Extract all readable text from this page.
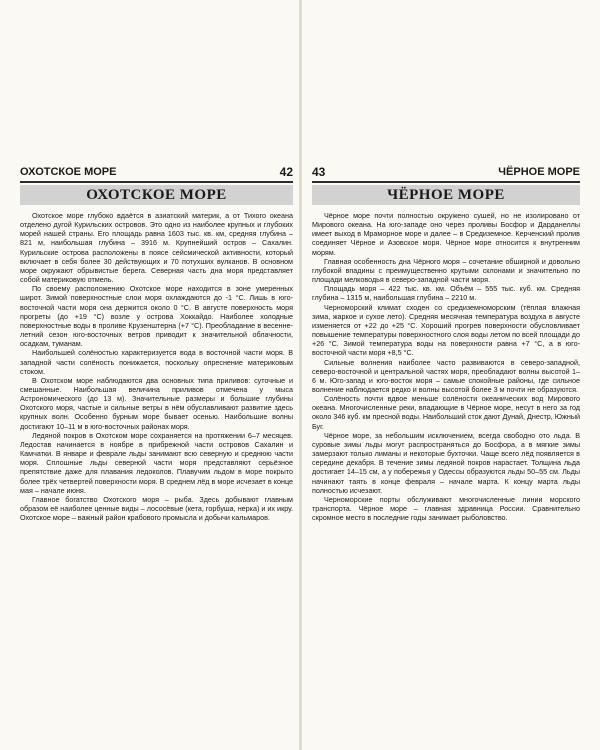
ОХОТСКОЕ МОРЕ	42
ОХОТСКОЕ МОРЕ

Охотское море глубоко вдаётся в азиатский материк, а от Тихого океана отделено дугой Курильских островов. Это одно из наиболее крупных и глубоких морей нашей страны. Его площадь равна 1603 тыс. кв. км, средняя глубина – 821 м, наибольшая глубина – 3916 м. Крупнейший остров – Сахалин. Курильские острова расположены в поясе сейсмической активности, который включает в себя более 30 действующих и 70 потухших вулканов. В основном море окружают обрывистые берега. Северная часть дна моря представляет собой материковую отмель.

По своему расположению Охотское море находится в зоне умеренных широт. Зимой поверхностные слои моря охлаждаются до -1 °С. Лишь в юго-восточной части моря она держится около 0 °С. В августе поверхность моря прогреты (до +19 °С) возле у острова Хоккайдо. Наиболее холодные поверхностные воды в проливе Крузенштерна (+7 °С). Преобладание в весенне-летний сезон юго-восточных ветров приводит к значительной облачности, осадкам, туманам.

Наибольшей солёностью характеризуется вода в восточной части моря. В западной части солёность понижается, поскольку опреснение материковым стоком.

В Охотском море наблюдаются два основных типа приливов: суточные и смешанные. Наибольшая величина приливов отмечена у мыса Астрономического (до 13 м). Значительные размеры и большие глубины Охотского моря, частые и сильные ветры в нём обуславливают развитие здесь крупных волн. Особенно бурным море бывает осенью. Наибольшие волны достигают 10–11 м в юго-восточных районах моря.

Ледяной покров в Охотском море сохраняется на протяжении 6–7 месяцев. Ледостав начинается в ноябре в прибрежной части островов Сахалин и Камчатки. В январе и феврале льды занимают всю северную и среднюю части моря. Сплошные льды северной части моря представляют серьёзное препятствие даже для плавания ледоколов. Плавучим льдом в море покрыто более трёх четвертей поверхности моря. В среднем лёд в море исчезает в конце мая – начале июня.

Главное богатство Охотского моря – рыба. Здесь добывают главным образом её наиболее ценные виды – лососёвые (кета, горбуша, нерка) и их икру. Охотское море – важный район крабового промысла и добычи кальмаров.

43	ЧЁРНОЕ МОРЕ
ЧЁРНОЕ МОРЕ

Чёрное море почти полностью окружено сушей, но не изолировано от Мирового океана. На юго-западе оно через проливы Босфор и Дарданеллы имеет выход в Мраморное море и далее – в Средиземное. Керченский пролив соединяет Чёрное и Азовское моря. Чёрное море относится к внутренним морям.

Главная особенность дна Чёрного моря – сочетание обширной и довольно глубокой впадины с преимущественно крутыми склонами и значительно по площади мелководья в северо-западной части моря.

Площадь моря – 422 тыс. кв. км. Объём – 555 тыс. куб. км. Средняя глубина – 1315 м, наибольшая глубина – 2210 м.

Черноморский климат сходен со средиземноморским (тёплая влажная зима, жаркое и сухое лето). Средняя месячная температура воздуха в августе изменяется от +22 до +25 °С. Хороший прогрев поверхности обусловливает повышение температуры поверхностного слоя воды летом по всей площади до +26 °С. Зимой температура воды на поверхности равна +7 °С, а в юго-восточной части моря +8,5 °С.

Сильные волнения наиболее часто развиваются в северо-западной, северо-восточной и центральной частях моря, преобладают волны высотой 1–6 м. Юго-запад и юго-восток моря – самые спокойные районы, где сильное волнение наблюдается редко и волны высотой более 3 м почти не образуются.

Солёность почти вдвое меньше солёности океанических вод Мирового океана. Многочисленные реки, впадающие в Чёрное море, несут в него за год около 346 куб. км пресной воды. Наибольший сток дают Дунай, Днестр, Южный Буг.

Чёрное море, за небольшим исключением, всегда свободно ото льда. В суровые зимы льды могут распространяться до Босфора, а в мягкие зимы замерзают только лиманы и некоторые бухточки. Чаще всего лёд появляется в середине декабря. В течение зимы ледяной покров нарастает. Толщина льда достигает 14–15 см, а у побережья у Одессы образуются льды 50–55 см. Льды начинают таять в конце февраля – начале марта. К концу марта льды полностью исчезают.

Черноморские порты обслуживают многочисленные линии морского транспорта. Чёрное море – главная здравница России. Сравнительно скромное место в последние годы занимает рыболовство.
